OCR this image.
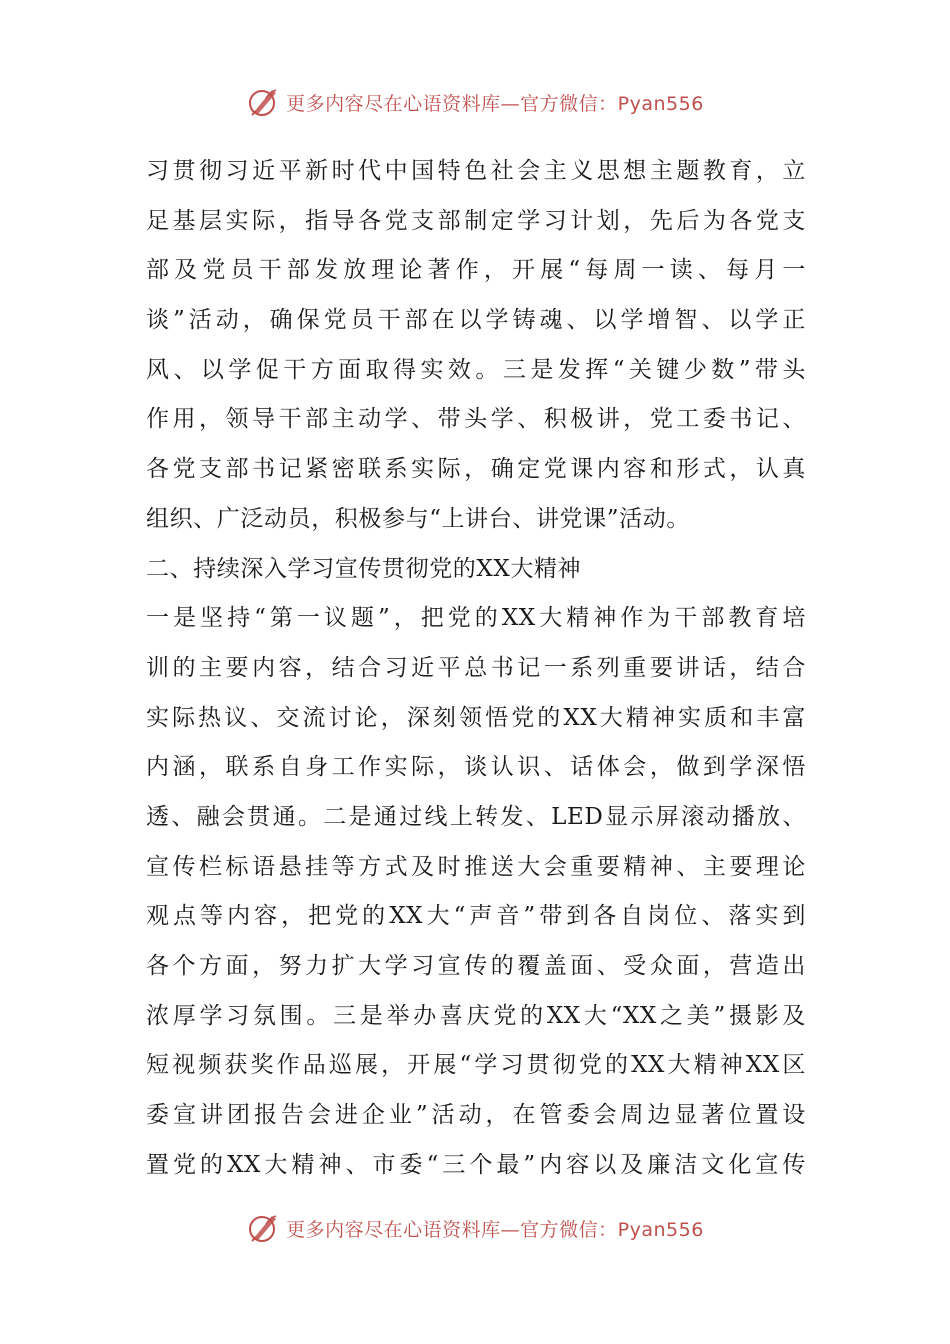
更多内容尽在心语资料库—官方微信：Pyan556
习贯彻习近平新时代中国特色社会主义思想主题教育，立
足基层实际，指导各党支部制定学习计划，先后为各党支
部及党员干部发放理论著作，开展“每周一读、每月一
谈”活动，确保党员干部在以学铸魂、以学增智、以学正
风、以学促干方面取得实效。三是发挥“关键少数”带头
作用，领导干部主动学、带头学、积极讲，党工委书记、
各党支部书记紧密联系实际，确定党课内容和形式，认真
组织、广泛动员，积极参与“上讲台、讲党课”活动。
二、持续深入学习宣传贯彻党的XX大精神
一是坚持“第一议题”，把党的XX大精神作为干部教育培
训的主要内容，结合习近平总书记一系列重要讲话，结合
实际热议、交流讨论，深刻领悟党的XX大精神实质和丰富
内涵，联系自身工作实际，谈认识、话体会，做到学深悟
透、融会贯通。二是通过线上转发、LED显示屏滚动播放、
宣传栏标语悬挂等方式及时推送大会重要精神、主要理论
观点等内容，把党的XX大“声音”带到各自岗位、落实到
各个方面，努力扩大学习宣传的覆盖面、受众面，营造出
浓厚学习氛围。三是举办喜庆党的XX大“XX之美”摄影及
短视频获奖作品巡展，开展“学习贯彻党的XX大精神XX区
委宣讲团报告会进企业”活动，在管委会周边显著位置设
置党的XX大精神、市委“三个最”内容以及廉洁文化宣传
更多内容尽在心语资料库—官方微信：Pyan556
